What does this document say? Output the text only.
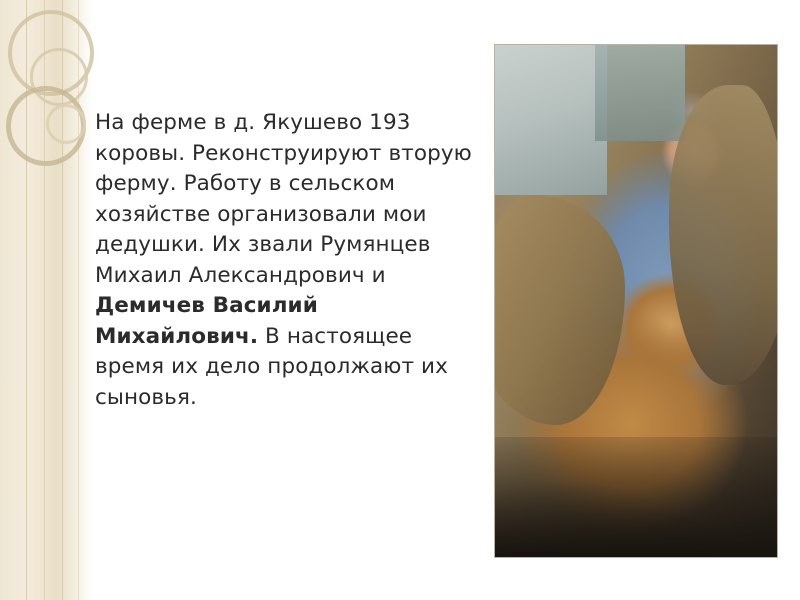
На ферме в д. Якушево 193 коровы. Реконструируют вторую ферму. Работу в сельском хозяйстве организовали мои дедушки. Их звали Румянцев Михаил Александрович и Демичев Василий Михайлович. В настоящее время их дело продолжают их сыновья.
